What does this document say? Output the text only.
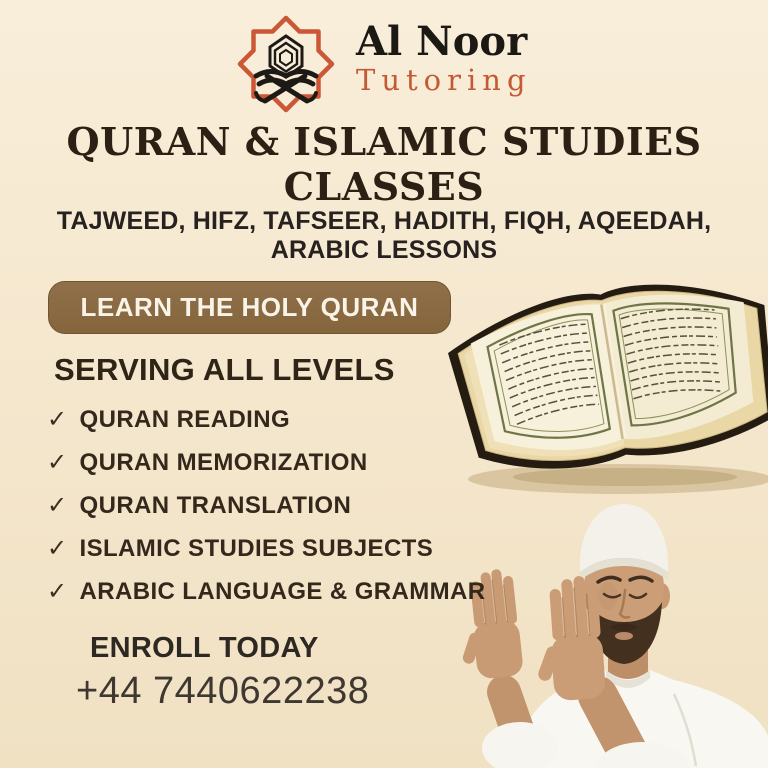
Al Noor
Tutoring
QURAN & ISLAMIC STUDIES
CLASSES

TAJWEED, HIFZ, TAFSEER, HADITH, FIQH, AQEEDAH,
ARABIC LESSONS

LEARN THE HOLY QURAN
SERVING ALL LEVELS
✓ QURAN READING
✓ QURAN MEMORIZATION
✓ QURAN TRANSLATION
✓ ISLAMIC STUDIES SUBJECTS
✓ ARABIC LANGUAGE & GRAMMAR
ENROLL TODAY
+44 7440622238
